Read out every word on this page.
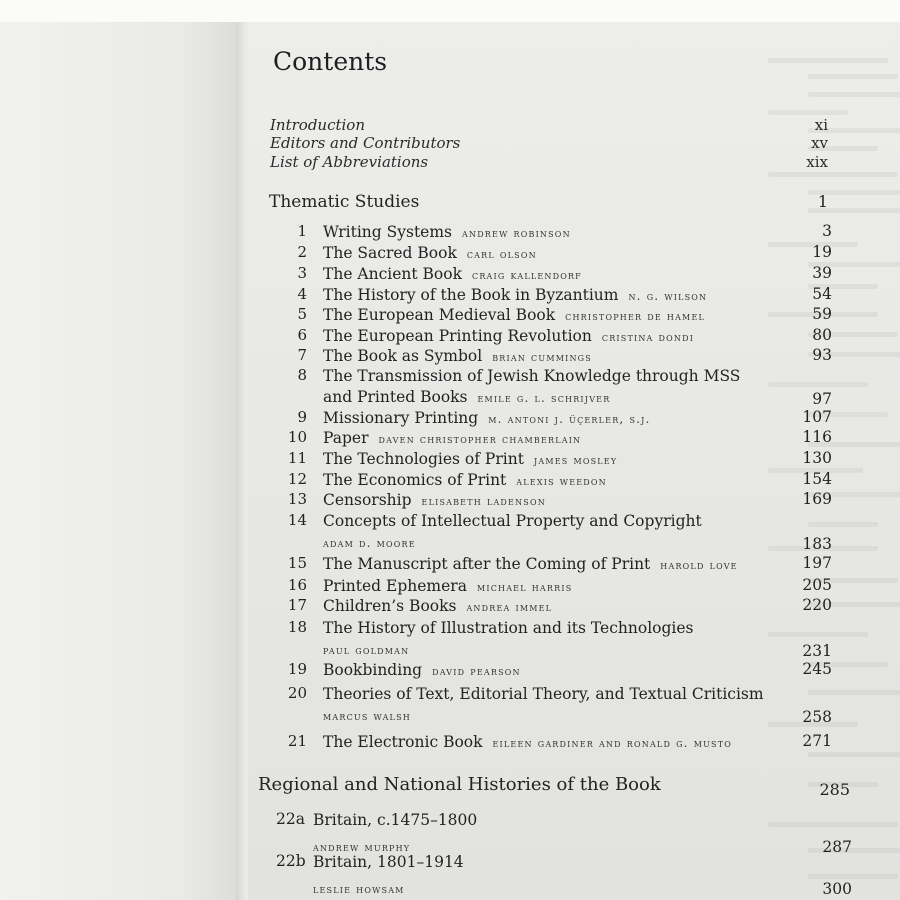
Contents
Introduction	xi
Editors and Contributors	xv
List of Abbreviations	xix
Thematic Studies	1
1 Writing Systems andrew robinson	3
2 The Sacred Book carl olson	19
3 The Ancient Book craig kallendorf	39
4 The History of the Book in Byzantium n. g. wilson	54
5 The European Medieval Book christopher de hamel	59
6 The European Printing Revolution cristina dondi	80
7 The Book as Symbol brian cummings	93
8 The Transmission of Jewish Knowledge through MSS
and Printed Books emile g. l. schrijver	97
9 Missionary Printing m. antoni j. üçerler, s.j.	107
10 Paper daven christopher chamberlain	116
11 The Technologies of Print james mosley	130
12 The Economics of Print alexis weedon	154
13 Censorship elisabeth ladenson	169
14 Concepts of Intellectual Property and Copyright
adam d. moore	183
15 The Manuscript after the Coming of Print harold love	197
16 Printed Ephemera michael harris	205
17 Children’s Books andrea immel	220
18 The History of Illustration and its Technologies
paul goldman	231
19 Bookbinding david pearson	245
20 Theories of Text, Editorial Theory, and Textual Criticism
marcus walsh	258
21 The Electronic Book eileen gardiner and ronald g. musto	271
Regional and National Histories of the Book	285
22a Britain, c.1475–1800
andrew murphy	287
22b Britain, 1801–1914
leslie howsam	300
